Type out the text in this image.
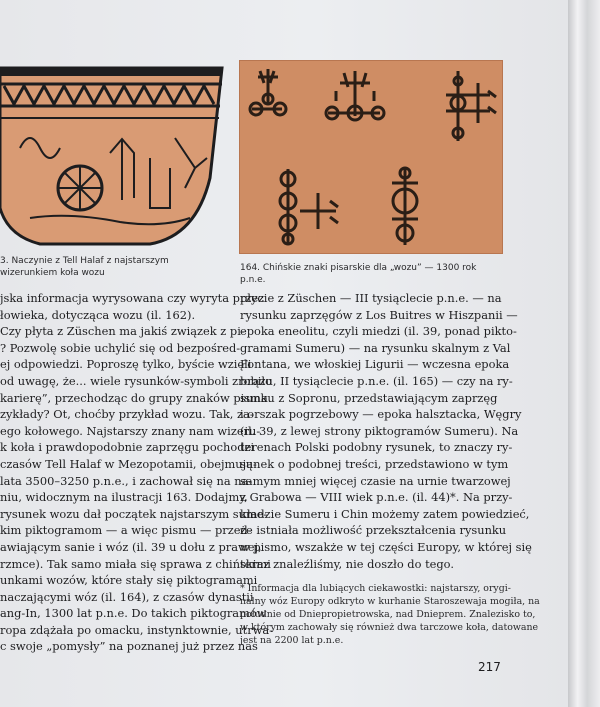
3. Naczynie z Tell Halaf z najstarszym wizerunkiem koła wozu	164. Chińskie znaki pisarskie dla „wozu” — 1300 rok p.n.e.
jska informacja wyrysowana czy wyryta przez
łowieka, dotycząca wozu (il. 162).
Czy płyta z Züschen ma jakiś związek z pi-
? Pozwolę sobie uchylić się od bezpośred-
ej odpowiedzi. Poproszę tylko, byście wzięli
od uwagę, że... wiele rysunków-symboli zrobiło
karierę”, przechodząc do grupy znaków pisma.
zykłady? Ot, choćby przykład wozu. Tak, za-
ego kołowego. Najstarszy znany nam wizeru-
k koła i prawdopodobnie zaprzęgu pochodzi
czasów Tell Halaf w Mezopotamii, obejmują-
lata 3500–3250 p.n.e., i zachował się na na-
niu, widocznym na ilustracji 163. Dodajmy,
rysunek wozu dał początek najstarszym sume-
kim piktogramom — a więc pismu — przed-
awiającym sanie i wóz (il. 39 u dołu z prawej,
rzmce). Tak samo miała się sprawa z chińskimi
unkami wozów, które stały się piktogramami
naczającymi wóz (il. 164), z czasów dynastii
ang-In, 1300 lat p.n.e. Do takich piktogramów
ropa zdążała po omacku, instynktownie, utrwa-
c swoje „pomysły” na poznanej już przez nas
płycie z Züschen — III tysiąclecie p.n.e. — na
rysunku zaprzęgów z Los Buitres w Hiszpanii —
epoka eneolitu, czyli miedzi (il. 39, ponad pikto-
gramami Sumeru) — na rysunku skalnym z Val
Fontana, we włoskiej Ligurii — wczesna epoka
brązu, II tysiąclecie p.n.e. (il. 165) — czy na ry-
sunku z Sopronu, przedstawiającym zaprzęg
i orszak pogrzebowy — epoka halsztacka, Węgry
(il. 39, z lewej strony piktogramów Sumeru). Na
terenach Polski podobny rysunek, to znaczy ry-
sunek o podobnej treści, przedstawiono w tym
samym mniej więcej czasie na urnie twarzowej
z Grabowa — VIII wiek p.n.e. (il. 44)*. Na przy-
kładzie Sumeru i Chin możemy zatem powiedzieć,
że istniała możliwość przekształcenia rysunku
w pismo, wszakże w tej części Europy, w której się
teraz znaleźliśmy, nie doszło do tego.
* Informacja dla lubiących ciekawostki: najstarszy, orygi-
nalny wóz Europy odkryto w kurhanie Staroszewaja mogiła, na
południe od Dniepropietrowska, nad Dnieprem. Znalezisko to,
w którym zachowały się również dwa tarczowe koła, datowane
jest na 2200 lat p.n.e.
217
